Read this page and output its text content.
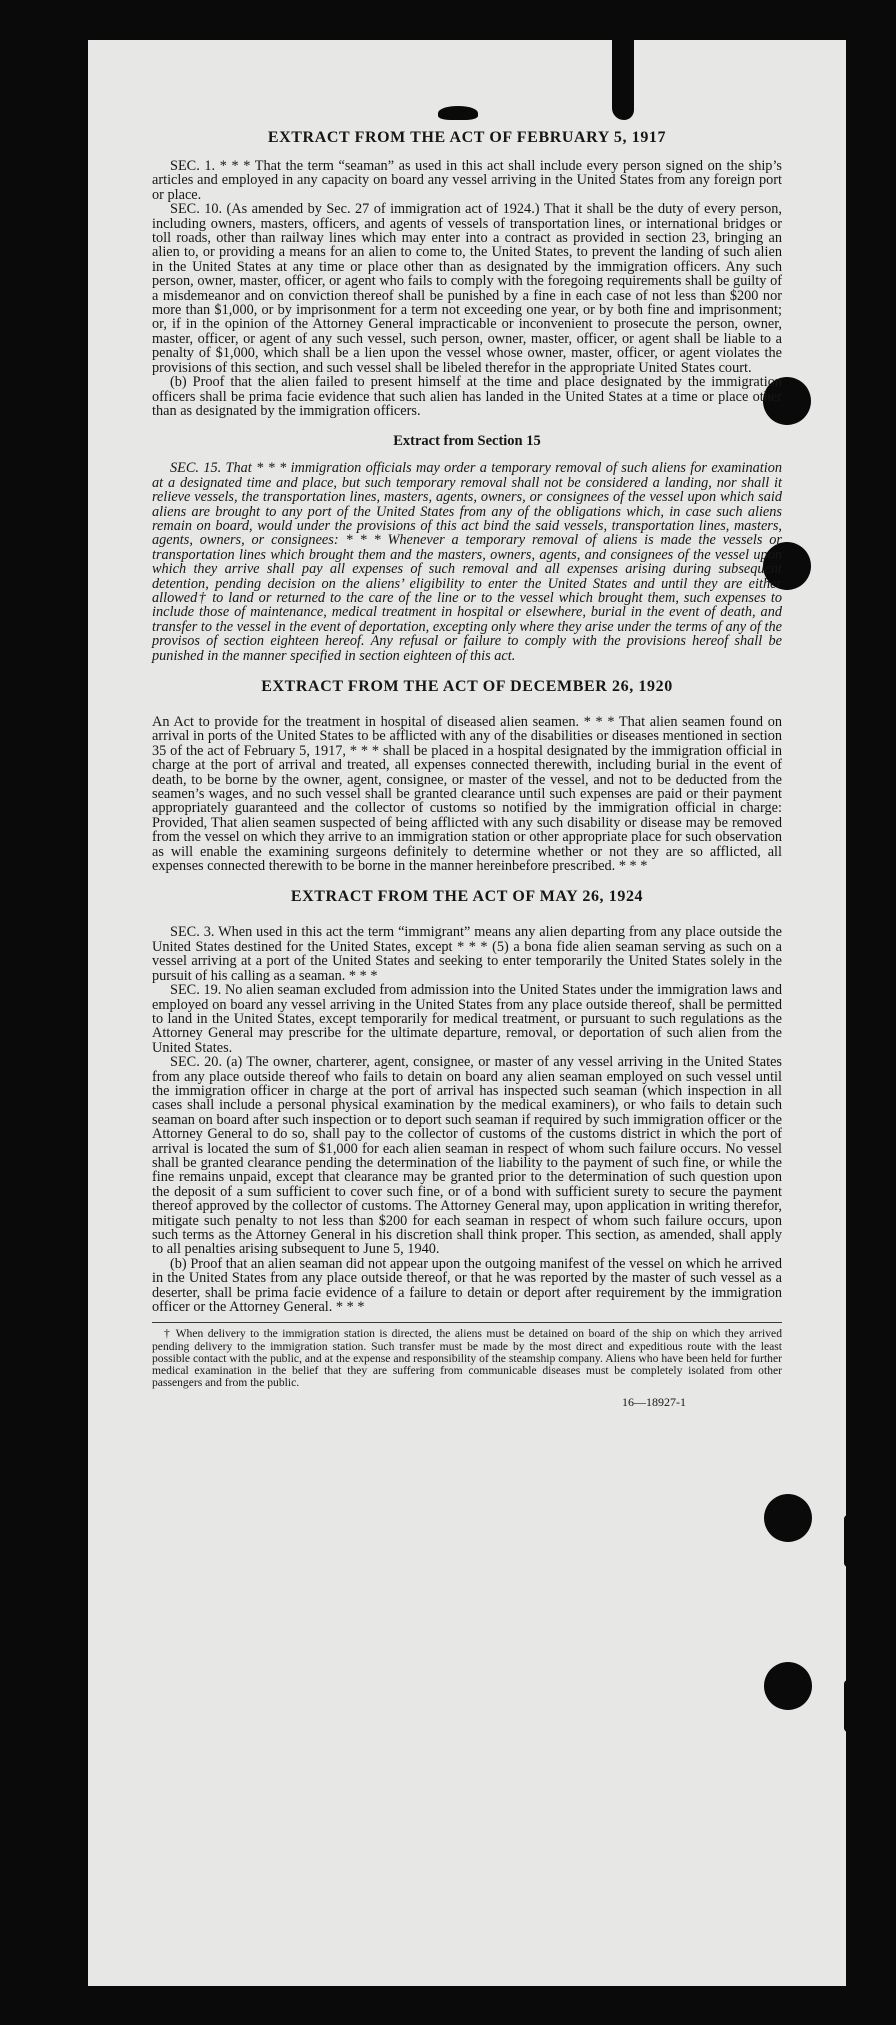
EXTRACT FROM THE ACT OF FEBRUARY 5, 1917

SEC. 1. * * * That the term “seaman” as used in this act shall include every person signed on the ship’s articles and employed in any capacity on board any vessel arriving in the United States from any foreign port or place.

SEC. 10. (As amended by Sec. 27 of immigration act of 1924.) That it shall be the duty of every person, including owners, masters, officers, and agents of vessels of transportation lines, or international bridges or toll roads, other than railway lines which may enter into a contract as provided in section 23, bringing an alien to, or providing a means for an alien to come to, the United States, to prevent the landing of such alien in the United States at any time or place other than as designated by the immigration officers. Any such person, owner, master, officer, or agent who fails to comply with the foregoing requirements shall be guilty of a misdemeanor and on conviction thereof shall be punished by a fine in each case of not less than $200 nor more than $1,000, or by imprisonment for a term not exceeding one year, or by both fine and imprisonment; or, if in the opinion of the Attorney General impracticable or inconvenient to prosecute the person, owner, master, officer, or agent of any such vessel, such person, owner, master, officer, or agent shall be liable to a penalty of $1,000, which shall be a lien upon the vessel whose owner, master, officer, or agent violates the provisions of this section, and such vessel shall be libeled therefor in the appropriate United States court.

(b) Proof that the alien failed to present himself at the time and place designated by the immigration officers shall be prima facie evidence that such alien has landed in the United States at a time or place other than as designated by the immigration officers.

Extract from Section 15

SEC. 15. That * * * immigration officials may order a temporary removal of such aliens for examination at a designated time and place, but such temporary removal shall not be considered a landing, nor shall it relieve vessels, the transportation lines, masters, agents, owners, or consignees of the vessel upon which said aliens are brought to any port of the United States from any of the obligations which, in case such aliens remain on board, would under the provisions of this act bind the said vessels, transportation lines, masters, agents, owners, or consignees: * * * Whenever a temporary removal of aliens is made the vessels or transportation lines which brought them and the masters, owners, agents, and consignees of the vessel upon which they arrive shall pay all expenses of such removal and all expenses arising during subsequent detention, pending decision on the aliens’ eligibility to enter the United States and until they are either allowed† to land or returned to the care of the line or to the vessel which brought them, such expenses to include those of maintenance, medical treatment in hospital or elsewhere, burial in the event of death, and transfer to the vessel in the event of deportation, excepting only where they arise under the terms of any of the provisos of section eighteen hereof. Any refusal or failure to comply with the provisions hereof shall be punished in the manner specified in section eighteen of this act.

EXTRACT FROM THE ACT OF DECEMBER 26, 1920

An Act to provide for the treatment in hospital of diseased alien seamen. * * * That alien seamen found on arrival in ports of the United States to be afflicted with any of the disabilities or diseases mentioned in section 35 of the act of February 5, 1917, * * * shall be placed in a hospital designated by the immigration official in charge at the port of arrival and treated, all expenses connected therewith, including burial in the event of death, to be borne by the owner, agent, consignee, or master of the vessel, and not to be deducted from the seamen’s wages, and no such vessel shall be granted clearance until such expenses are paid or their payment appropriately guaranteed and the collector of customs so notified by the immigration official in charge: Provided, That alien seamen suspected of being afflicted with any such disability or disease may be removed from the vessel on which they arrive to an immigration station or other appropriate place for such observation as will enable the examining surgeons definitely to determine whether or not they are so afflicted, all expenses connected therewith to be borne in the manner hereinbefore prescribed. * * *

EXTRACT FROM THE ACT OF MAY 26, 1924

SEC. 3. When used in this act the term “immigrant” means any alien departing from any place outside the United States destined for the United States, except * * * (5) a bona fide alien seaman serving as such on a vessel arriving at a port of the United States and seeking to enter temporarily the United States solely in the pursuit of his calling as a seaman. * * *

SEC. 19. No alien seaman excluded from admission into the United States under the immigration laws and employed on board any vessel arriving in the United States from any place outside thereof, shall be permitted to land in the United States, except temporarily for medical treatment, or pursuant to such regulations as the Attorney General may prescribe for the ultimate departure, removal, or deportation of such alien from the United States.

SEC. 20. (a) The owner, charterer, agent, consignee, or master of any vessel arriving in the United States from any place outside thereof who fails to detain on board any alien seaman employed on such vessel until the immigration officer in charge at the port of arrival has inspected such seaman (which inspection in all cases shall include a personal physical examination by the medical examiners), or who fails to detain such seaman on board after such inspection or to deport such seaman if required by such immigration officer or the Attorney General to do so, shall pay to the collector of customs of the customs district in which the port of arrival is located the sum of $1,000 for each alien seaman in respect of whom such failure occurs. No vessel shall be granted clearance pending the determination of the liability to the payment of such fine, or while the fine remains unpaid, except that clearance may be granted prior to the determination of such question upon the deposit of a sum sufficient to cover such fine, or of a bond with sufficient surety to secure the payment thereof approved by the collector of customs. The Attorney General may, upon application in writing therefor, mitigate such penalty to not less than $200 for each seaman in respect of whom such failure occurs, upon such terms as the Attorney General in his discretion shall think proper. This section, as amended, shall apply to all penalties arising subsequent to June 5, 1940.

(b) Proof that an alien seaman did not appear upon the outgoing manifest of the vessel on which he arrived in the United States from any place outside thereof, or that he was reported by the master of such vessel as a deserter, shall be prima facie evidence of a failure to detain or deport after requirement by the immigration officer or the Attorney General. * * *

† When delivery to the immigration station is directed, the aliens must be detained on board of the ship on which they arrived pending delivery to the immigration station. Such transfer must be made by the most direct and expeditious route with the least possible contact with the public, and at the expense and responsibility of the steamship company. Aliens who have been held for further medical examination in the belief that they are suffering from communicable diseases must be completely isolated from other passengers and from the public.

16—18927-1
